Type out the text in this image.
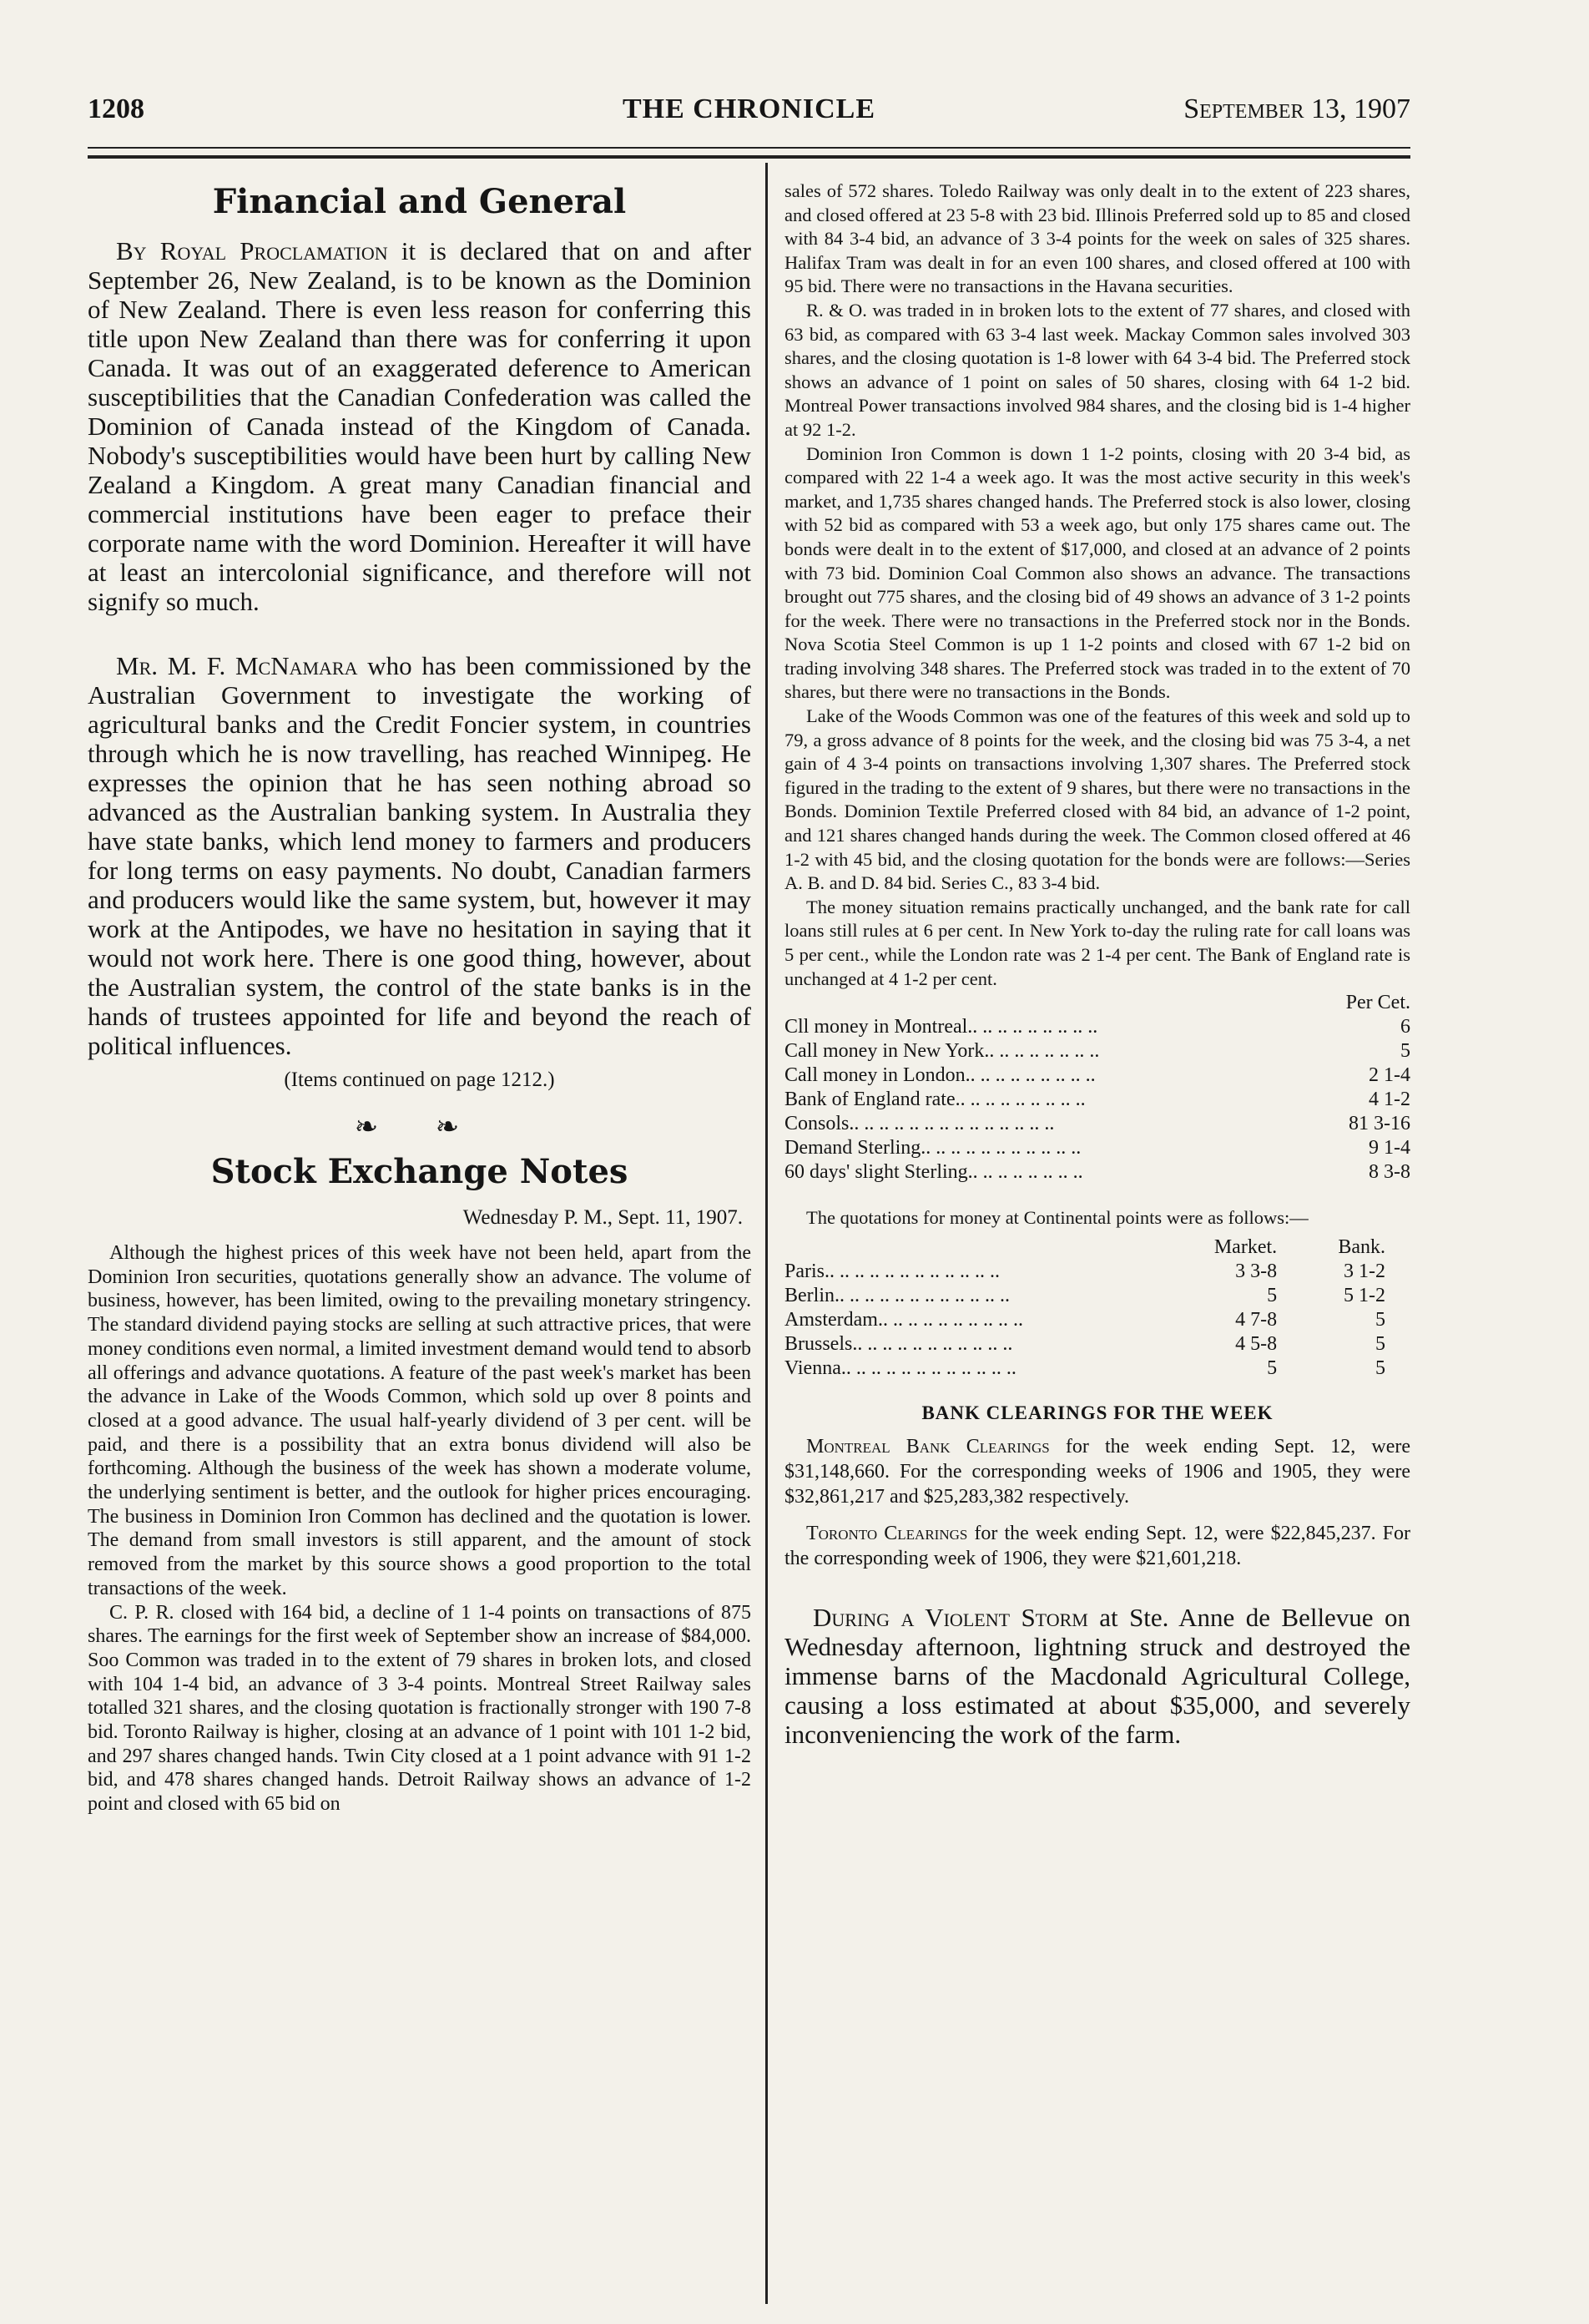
1208	THE CHRONICLE	September 13, 1907
Financial and General

By Royal Proclamation it is declared that on and after September 26, New Zealand, is to be known as the Dominion of New Zealand. There is even less reason for conferring this title upon New Zealand than there was for conferring it upon Canada. It was out of an exaggerated deference to American susceptibilities that the Canadian Confederation was called the Dominion of Canada instead of the Kingdom of Canada. Nobody's susceptibilities would have been hurt by calling New Zealand a Kingdom. A great many Canadian financial and commercial institutions have been eager to preface their corporate name with the word Dominion. Hereafter it will have at least an intercolonial significance, and therefore will not signify so much.

Mr. M. F. McNamara who has been commissioned by the Australian Government to investigate the working of agricultural banks and the Credit Foncier system, in countries through which he is now travelling, has reached Winnipeg. He expresses the opinion that he has seen nothing abroad so advanced as the Australian banking system. In Australia they have state banks, which lend money to farmers and producers for long terms on easy payments. No doubt, Canadian farmers and producers would like the same system, but, however it may work at the Antipodes, we have no hesitation in saying that it would not work here. There is one good thing, however, about the Australian system, the control of the state banks is in the hands of trustees appointed for life and beyond the reach of political influences.

(Items continued on page 1212.)
❧ ❧
Stock Exchange Notes
Wednesday P. M., Sept. 11, 1907.

Although the highest prices of this week have not been held, apart from the Dominion Iron securities, quotations generally show an advance. The volume of business, however, has been limited, owing to the prevailing monetary stringency. The standard dividend paying stocks are selling at such attractive prices, that were money conditions even normal, a limited investment demand would tend to absorb all offerings and advance quotations. A feature of the past week's market has been the advance in Lake of the Woods Common, which sold up over 8 points and closed at a good advance. The usual half-yearly dividend of 3 per cent. will be paid, and there is a possibility that an extra bonus dividend will also be forthcoming. Although the business of the week has shown a moderate volume, the underlying sentiment is better, and the outlook for higher prices encouraging. The business in Dominion Iron Common has declined and the quotation is lower. The demand from small investors is still apparent, and the amount of stock removed from the market by this source shows a good proportion to the total transactions of the week.

C. P. R. closed with 164 bid, a decline of 1 1-4 points on transactions of 875 shares. The earnings for the first week of September show an increase of $84,000. Soo Common was traded in to the extent of 79 shares in broken lots, and closed with 104 1-4 bid, an advance of 3 3-4 points. Montreal Street Railway sales totalled 321 shares, and the closing quotation is fractionally stronger with 190 7-8 bid. Toronto Railway is higher, closing at an advance of 1 point with 101 1-2 bid, and 297 shares changed hands. Twin City closed at a 1 point advance with 91 1-2 bid, and 478 shares changed hands. Detroit Railway shows an advance of 1-2 point and closed with 65 bid on

sales of 572 shares. Toledo Railway was only dealt in to the extent of 223 shares, and closed offered at 23 5-8 with 23 bid. Illinois Preferred sold up to 85 and closed with 84 3-4 bid, an advance of 3 3-4 points for the week on sales of 325 shares. Halifax Tram was dealt in for an even 100 shares, and closed offered at 100 with 95 bid. There were no transactions in the Havana securities.

R. & O. was traded in in broken lots to the extent of 77 shares, and closed with 63 bid, as compared with 63 3-4 last week. Mackay Common sales involved 303 shares, and the closing quotation is 1-8 lower with 64 3-4 bid. The Preferred stock shows an advance of 1 point on sales of 50 shares, closing with 64 1-2 bid. Montreal Power transactions involved 984 shares, and the closing bid is 1-4 higher at 92 1-2.

Dominion Iron Common is down 1 1-2 points, closing with 20 3-4 bid, as compared with 22 1-4 a week ago. It was the most active security in this week's market, and 1,735 shares changed hands. The Preferred stock is also lower, closing with 52 bid as compared with 53 a week ago, but only 175 shares came out. The bonds were dealt in to the extent of $17,000, and closed at an advance of 2 points with 73 bid. Dominion Coal Common also shows an advance. The transactions brought out 775 shares, and the closing bid of 49 shows an advance of 3 1-2 points for the week. There were no transactions in the Preferred stock nor in the Bonds. Nova Scotia Steel Common is up 1 1-2 points and closed with 67 1-2 bid on trading involving 348 shares. The Preferred stock was traded in to the extent of 70 shares, but there were no transactions in the Bonds.

Lake of the Woods Common was one of the features of this week and sold up to 79, a gross advance of 8 points for the week, and the closing bid was 75 3-4, a net gain of 4 3-4 points on transactions involving 1,307 shares. The Preferred stock figured in the trading to the extent of 9 shares, but there were no transactions in the Bonds. Dominion Textile Preferred closed with 84 bid, an advance of 1-2 point, and 121 shares changed hands during the week. The Common closed offered at 46 1-2 with 45 bid, and the closing quotation for the bonds were are follows:—Series A. B. and D. 84 bid. Series C., 83 3-4 bid.

The money situation remains practically unchanged, and the bank rate for call loans still rules at 6 per cent. In New York to-day the ruling rate for call loans was 5 per cent., while the London rate was 2 1-4 per cent. The Bank of England rate is unchanged at 4 1-2 per cent.

	Per Cet.
Cll money in Montreal.. .. .. .. .. .. .. .. ..	6
Call money in New York.. .. .. .. .. .. .. ..	5
Call money in London.. .. .. .. .. .. .. .. ..	2 1-4
Bank of England rate.. .. .. .. .. .. .. .. ..	4 1-2
Consols.. .. .. .. .. .. .. .. .. .. .. .. .. ..	81 3-16
Demand Sterling.. .. .. .. .. .. .. .. .. .. ..	9 1-4
60 days' slight Sterling.. .. .. .. .. .. .. ..	8 3-8

The quotations for money at Continental points were as follows:—

	Market.	Bank.
Paris.. .. .. .. .. .. .. .. .. .. .. ..	3 3-8	3 1-2
Berlin.. .. .. .. .. .. .. .. .. .. .. ..	5	5 1-2
Amsterdam.. .. .. .. .. .. .. .. .. ..	4 7-8	5
Brussels.. .. .. .. .. .. .. .. .. .. ..	4 5-8	5
Vienna.. .. .. .. .. .. .. .. .. .. .. ..	5	5
BANK CLEARINGS FOR THE WEEK

Montreal Bank Clearings for the week ending Sept. 12, were $31,148,660. For the corresponding weeks of 1906 and 1905, they were $32,861,217 and $25,283,382 respectively.

Toronto Clearings for the week ending Sept. 12, were $22,845,237. For the corresponding week of 1906, they were $21,601,218.

During a Violent Storm at Ste. Anne de Bellevue on Wednesday afternoon, lightning struck and destroyed the immense barns of the Macdonald Agricultural College, causing a loss estimated at about $35,000, and severely inconveniencing the work of the farm.
